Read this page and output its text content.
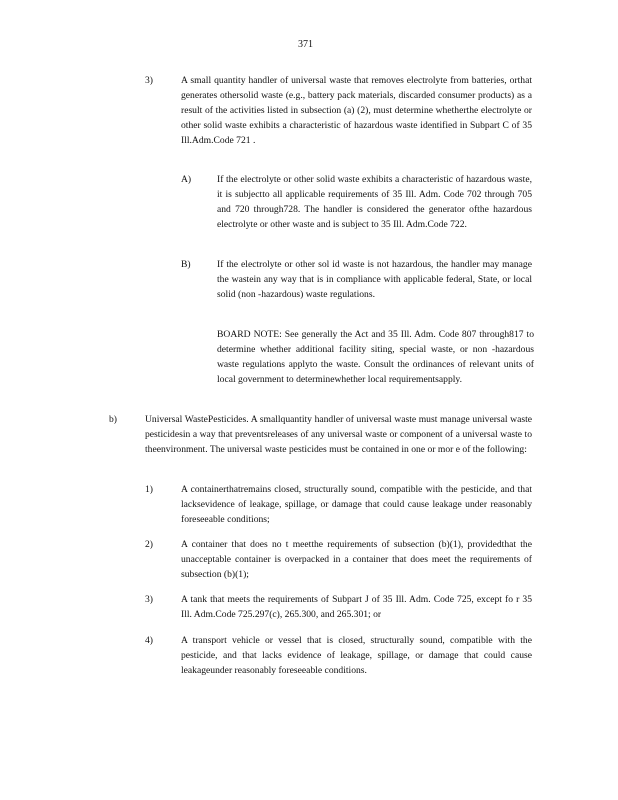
371
3)	A small quantity handler of universal waste that removes electrolyte from batteries, orthat generates othersolid waste (e.g., battery pack materials, discarded consumer products) as a result of the activities listed in subsection (a) (2), must determine whetherthe electrolyte or other solid waste exhibits a characteristic of hazardous waste identified in Subpart C of 35 Ill.Adm.Code 721 .
A)	If the electrolyte or other solid waste exhibits a characteristic of hazardous waste, it is subjectto all applicable requirements of 35 Ill. Adm. Code 702 through 705 and 720 through728. The handler is considered the generator ofthe hazardous electrolyte or other waste and is subject to 35 Ill. Adm.Code 722.
B)	If the electrolyte or other sol id waste is not hazardous, the handler may manage the wastein any way that is in compliance with applicable federal, State, or local solid (non -hazardous) waste regulations.
BOARD NOTE: See generally the Act and 35 Ill. Adm. Code 807 through817 to determine whether additional facility siting, special waste, or non -hazardous waste regulations applyto the waste. Consult the ordinances of relevant units of local government to determinewhether local requirementsapply.
b)	Universal WastePesticides. A smallquantity handler of universal waste must manage universal waste pesticidesin a way that preventsreleases of any universal waste or component of a universal waste to theenvironment. The universal waste pesticides must be contained in one or mor e of the following:
1)	A containerthatremains closed, structurally sound, compatible with the pesticide, and that lacksevidence of leakage, spillage, or damage that could cause leakage under reasonably foreseeable conditions;
2)	A container that does no t meetthe requirements of subsection (b)(1), providedthat the unacceptable container is overpacked in a container that does meet the requirements of subsection (b)(1);
3)	A tank that meets the requirements of Subpart J of 35 Ill. Adm. Code 725, except fo r 35 Ill. Adm.Code 725.297(c), 265.300, and 265.301; or
4)	A transport vehicle or vessel that is closed, structurally sound, compatible with the pesticide, and that lacks evidence of leakage, spillage, or damage that could cause leakageunder reasonably foreseeable conditions.
